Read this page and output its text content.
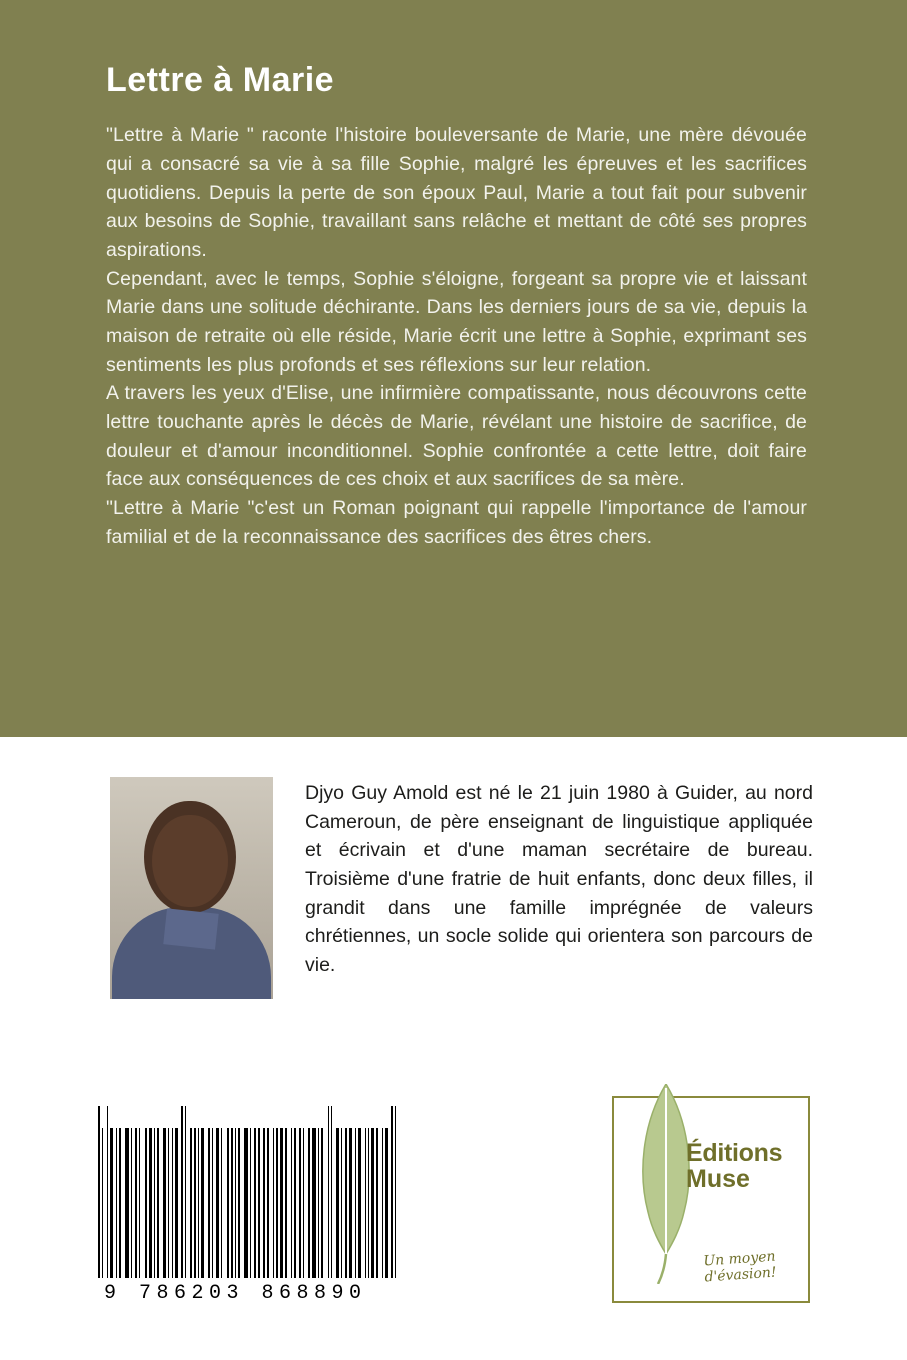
Lettre à Marie

"Lettre à Marie " raconte l'histoire bouleversante de Marie, une mère dévouée qui a consacré sa vie à sa fille Sophie, malgré les épreuves et les sacrifices quotidiens. Depuis la perte de son époux Paul, Marie a tout fait pour subvenir aux besoins de Sophie, travaillant sans relâche et mettant de côté ses propres aspirations.

Cependant, avec le temps, Sophie s'éloigne, forgeant sa propre vie et laissant Marie dans une solitude déchirante. Dans les derniers jours de sa vie, depuis la maison de retraite où elle réside, Marie écrit une lettre à Sophie, exprimant ses sentiments les plus profonds et ses réflexions sur leur relation.

A travers les yeux d'Elise, une infirmière compatissante, nous découvrons cette lettre touchante après le décès de Marie, révélant une histoire de sacrifice, de douleur et d'amour inconditionnel. Sophie confrontée a cette lettre, doit faire face aux conséquences de ces choix et aux sacrifices de sa mère.

"Lettre à Marie "c'est un Roman poignant qui rappelle l'importance de l'amour familial et de la reconnaissance des sacrifices des êtres chers.

Djyo Guy Amold est né le 21 juin 1980 à Guider, au nord Cameroun, de père enseignant de linguistique appliquée et écrivain et d'une maman secrétaire de bureau. Troisième d'une fratrie de huit enfants, donc deux filles, il grandit dans une famille imprégnée de valeurs chrétiennes, un socle solide qui orientera son parcours de vie.

9 786203 868890
Éditions
Muse
Un moyen d'évasion!
